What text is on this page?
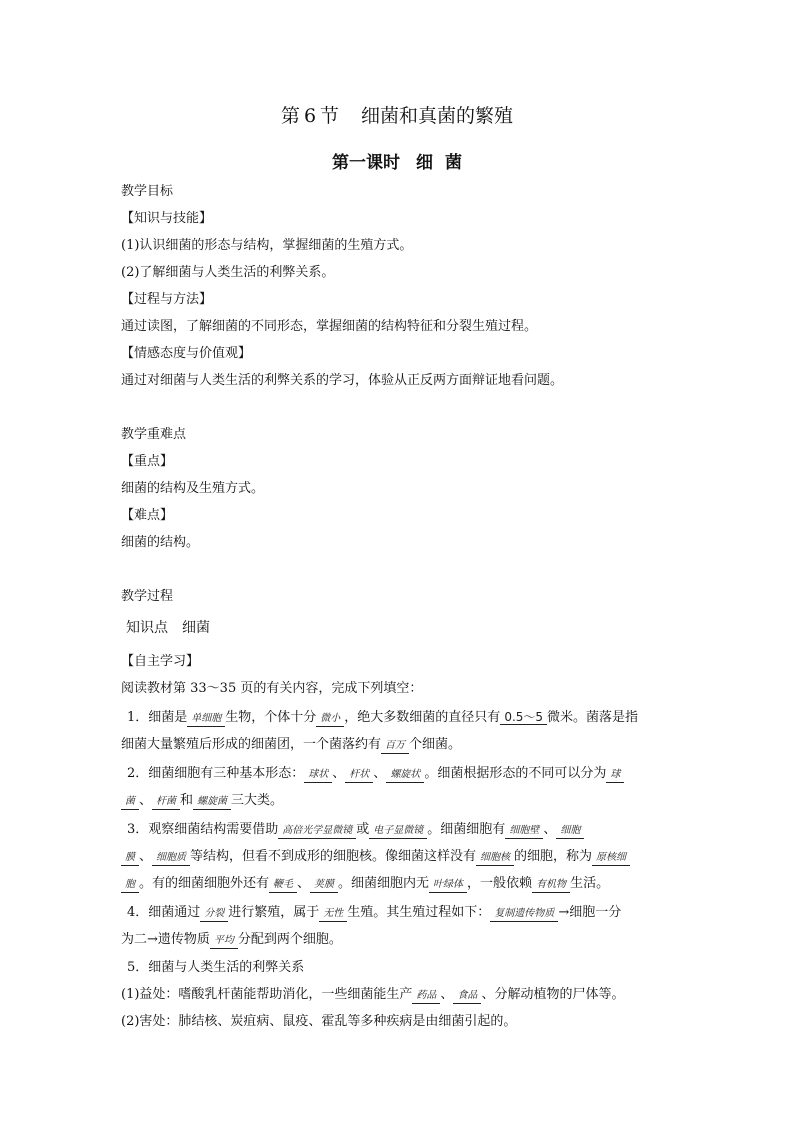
第 6 节 细菌和真菌的繁殖
第一课时 细 菌
教学目标
【知识与技能】
(1)认识细菌的形态与结构，掌握细菌的生殖方式。
(2)了解细菌与人类生活的利弊关系。
【过程与方法】
通过读图，了解细菌的不同形态，掌握细菌的结构特征和分裂生殖过程。
【情感态度与价值观】
通过对细菌与人类生活的利弊关系的学习，体验从正反两方面辩证地看问题。
教学重难点
【重点】
细菌的结构及生殖方式。
【难点】
细菌的结构。
教学过程
知识点 细菌
【自主学习】
阅读教材第 33～35 页的有关内容，完成下列填空：
1．细菌是 单细胞 生物，个体十分 微小 ，绝大多数细菌的直径只有 0.5～5 微米。菌落是指
细菌大量繁殖后形成的细菌团，一个菌落约有 百万 个细菌。
2．细菌细胞有三种基本形态： 球状 、 杆状 、 螺旋状 。细菌根据形态的不同可以分为 球
菌 、 杆菌 和 螺旋菌 三大类。
3．观察细菌结构需要借助 高倍光学显微镜 或 电子显微镜 。细菌细胞有 细胞壁 、 细胞
膜 、 细胞质 等结构，但看不到成形的细胞核。像细菌这样没有 细胞核 的细胞，称为 原核细
胞 。有的细菌细胞外还有 鞭毛 、 荚膜 。细菌细胞内无 叶绿体 ，一般依赖 有机物 生活。
4．细菌通过 分裂 进行繁殖，属于 无性 生殖。其生殖过程如下： 复制遗传物质 →细胞一分
为二→遗传物质 平均 分配到两个细胞。
5．细菌与人类生活的利弊关系
(1)益处：嗜酸乳杆菌能帮助消化，一些细菌能生产 药品 、 食品 、分解动植物的尸体等。
(2)害处：肺结核、炭疽病、鼠疫、霍乱等多种疾病是由细菌引起的。
